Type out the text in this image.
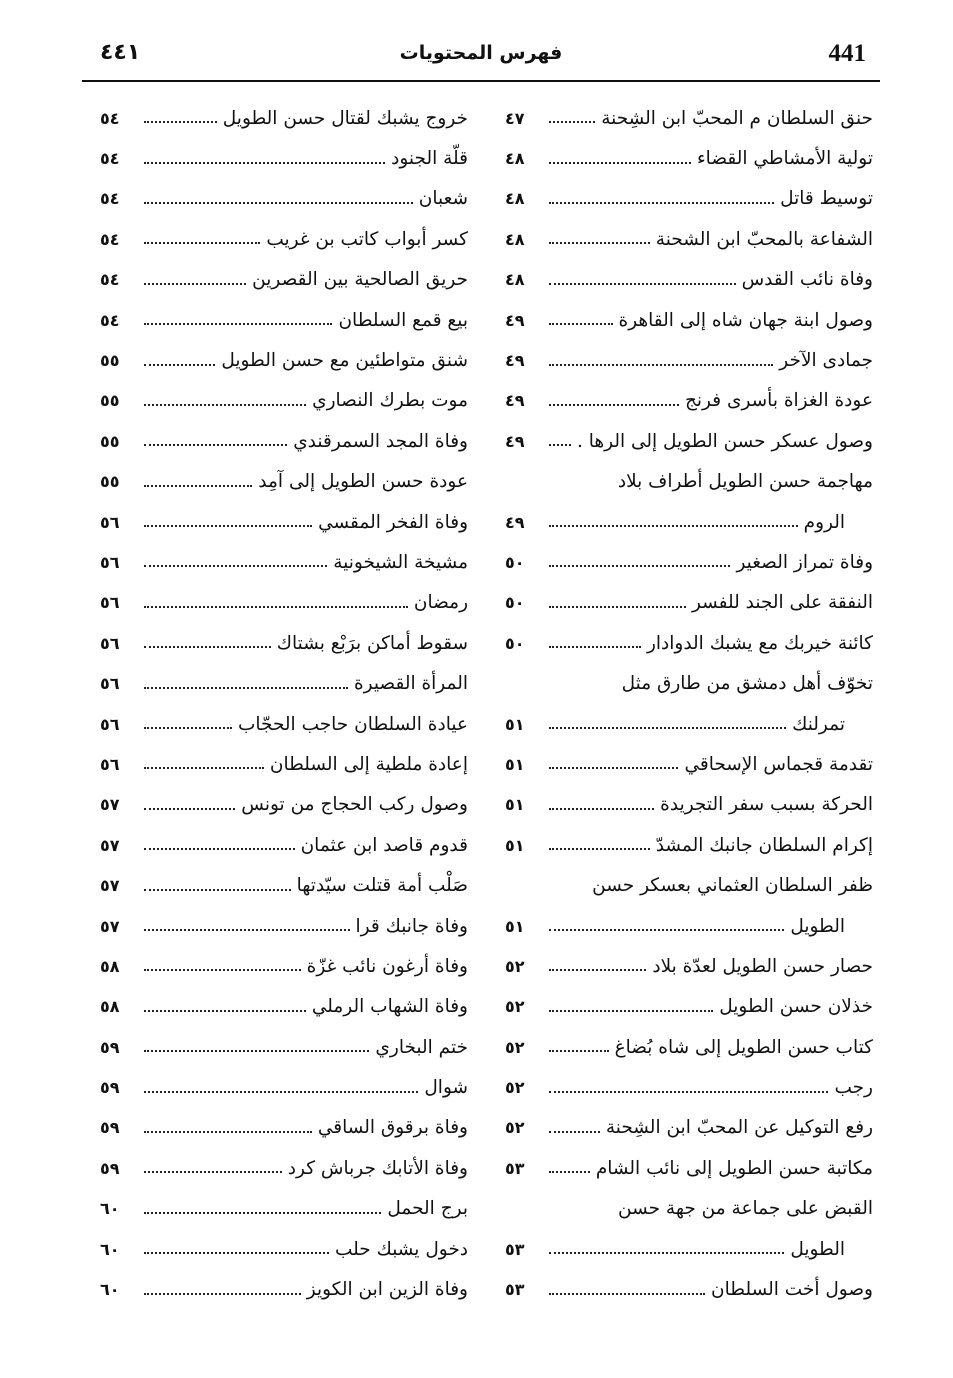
441
فهرس المحتويات
٤٤١
حنق السلطان م المحبّ ابن الشِحنة
٤٧
تولية الأمشاطي القضاء
٤٨
توسيط قاتل
٤٨
الشفاعة بالمحبّ ابن الشحنة
٤٨
وفاة نائب القدس
٤٨
وصول ابنة جهان شاه إلى القاهرة
٤٩
جمادى الآخر
٤٩
عودة الغزاة بأسرى فرنج
٤٩
وصول عسكر حسن الطويل إلى الرها .
٤٩
مهاجمة حسن الطويل أطراف بلاد
الروم
٤٩
وفاة تمراز الصغير
٥٠
النفقة على الجند للفسر
٥٠
كائنة خيربك مع يشبك الدوادار
٥٠
تخوّف أهل دمشق من طارق مثل
تمرلنك
٥١
تقدمة قجماس الإسحاقي
٥١
الحركة بسبب سفر التجريدة
٥١
إكرام السلطان جانبك المشدّ
٥١
ظفر السلطان العثماني بعسكر حسن
الطويل
٥١
حصار حسن الطويل لعدّة بلاد
٥٢
خذلان حسن الطويل
٥٢
كتاب حسن الطويل إلى شاه بُضاغ
٥٢
رجب
٥٢
رفع التوكيل عن المحبّ ابن الشِحنة
٥٢
مكاتبة حسن الطويل إلى نائب الشام
٥٣
القبض على جماعة من جهة حسن
الطويل
٥٣
وصول أخت السلطان
٥٣
خروج يشبك لقتال حسن الطويل
٥٤
قلّة الجنود
٥٤
شعبان
٥٤
كسر أبواب كاتب بن غريب
٥٤
حريق الصالحية بين القصرين
٥٤
بيع قمع السلطان
٥٤
شنق متواطئين مع حسن الطويل
٥٥
موت بطرك النصاري
٥٥
وفاة المجد السمرقندي
٥٥
عودة حسن الطويل إلى آمِد
٥٥
وفاة الفخر المقسي
٥٦
مشيخة الشيخونية
٥٦
رمضان
٥٦
سقوط أماكن برَبْع بشتاك
٥٦
المرأة القصيرة
٥٦
عيادة السلطان حاجب الحجّاب
٥٦
إعادة ملطية إلى السلطان
٥٦
وصول ركب الحجاج من تونس
٥٧
قدوم قاصد ابن عثمان
٥٧
صَلْب أمة قتلت سيّدتها
٥٧
وفاة جانبك قرا
٥٧
وفاة أرغون نائب غزّة
٥٨
وفاة الشهاب الرملي
٥٨
ختم البخاري
٥٩
شوال
٥٩
وفاة برقوق الساقي
٥٩
وفاة الأتابك جرباش كرد
٥٩
برج الحمل
٦٠
دخول يشبك حلب
٦٠
وفاة الزين ابن الكويز
٦٠
